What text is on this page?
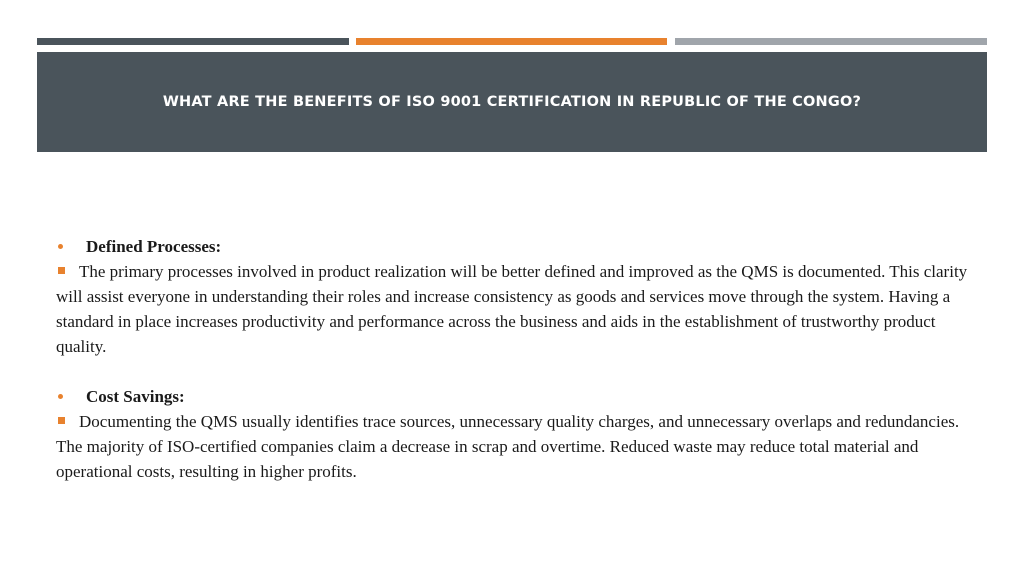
WHAT ARE THE BENEFITS OF ISO 9001 CERTIFICATION IN REPUBLIC OF THE CONGO?
Defined Processes:

The primary processes involved in product realization will be better defined and improved as the QMS is documented. This clarity will assist everyone in understanding their roles and increase consistency as goods and services move through the system. Having a standard in place increases productivity and performance across the business and aids in the establishment of trustworthy product quality.

Cost Savings:

Documenting the QMS usually identifies trace sources, unnecessary quality charges, and unnecessary overlaps and redundancies. The majority of ISO-certified companies claim a decrease in scrap and overtime. Reduced waste may reduce total material and operational costs, resulting in higher profits.
